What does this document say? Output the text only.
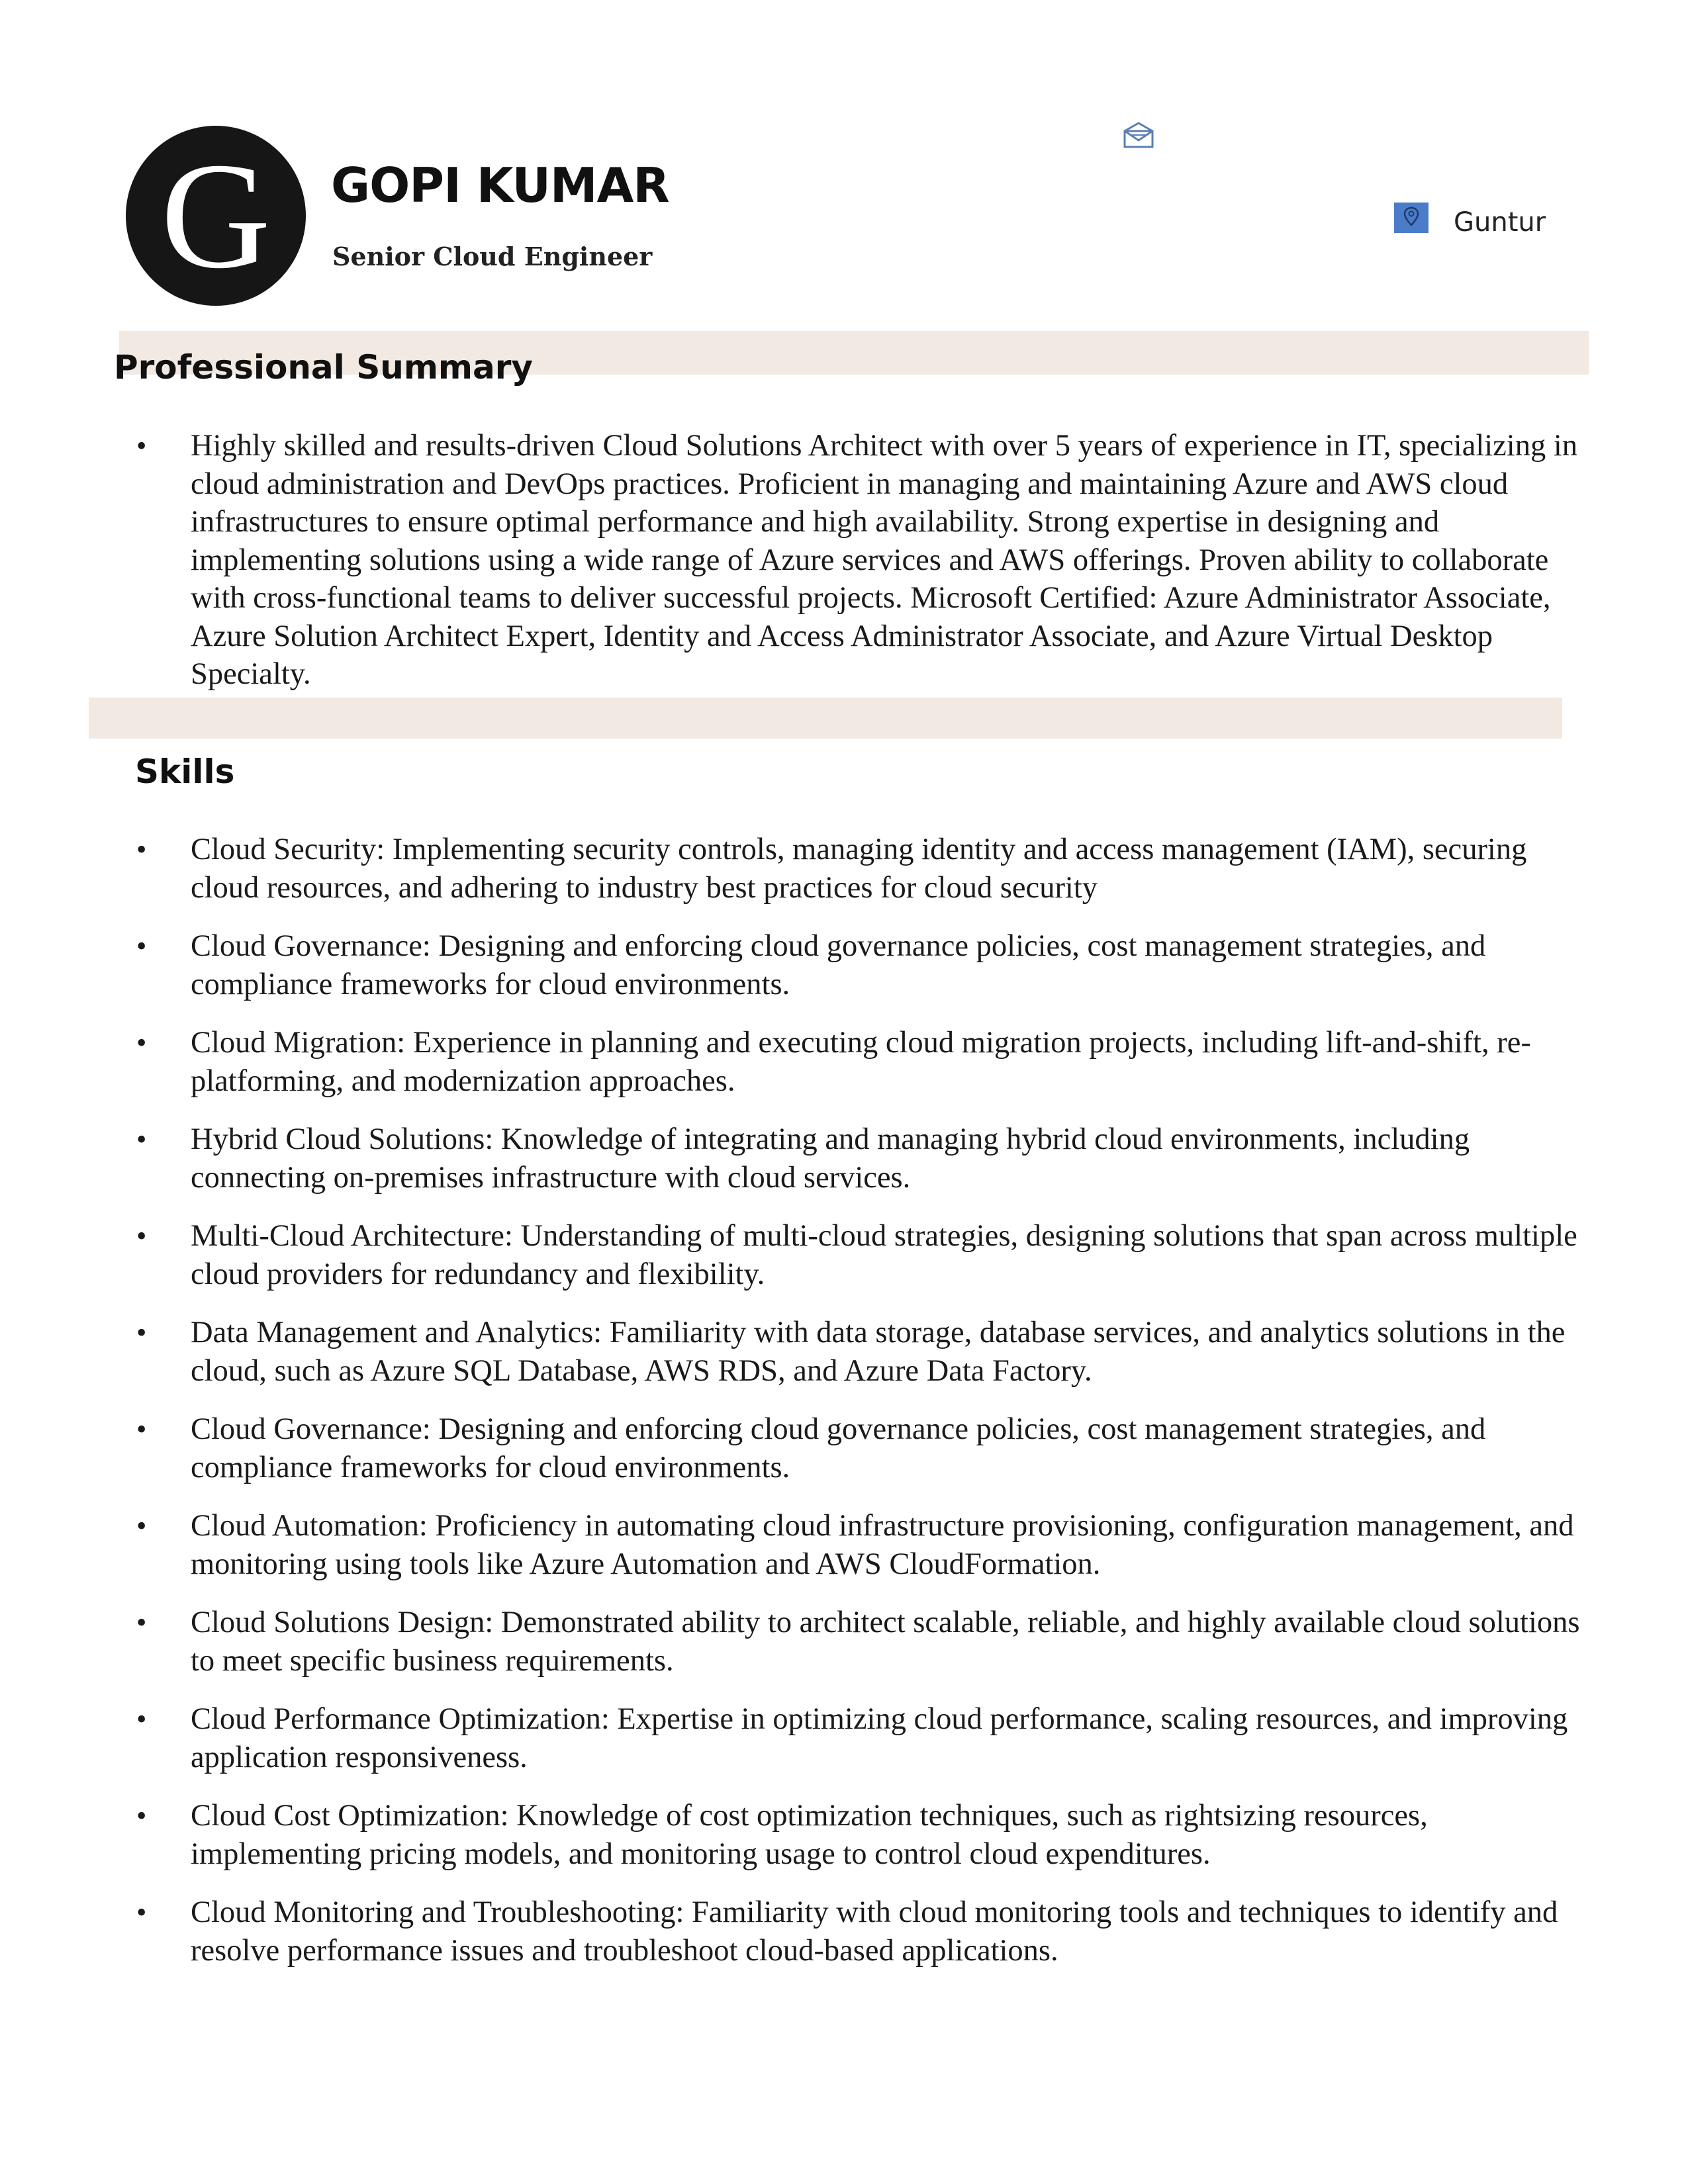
G	GOPI KUMAR
Senior Cloud Engineer
Guntur
Professional Summary
• Highly skilled and results-driven Cloud Solutions Architect with over 5 years of experience in IT, specializing in cloud administration and DevOps practices. Proficient in managing and maintaining Azure and AWS cloud infrastructures to ensure optimal performance and high availability. Strong expertise in designing and implementing solutions using a wide range of Azure services and AWS offerings. Proven ability to collaborate with cross-functional teams to deliver successful projects. Microsoft Certified: Azure Administrator Associate, Azure Solution Architect Expert, Identity and Access Administrator Associate, and Azure Virtual Desktop Specialty.
Skills
• Cloud Security: Implementing security controls, managing identity and access management (IAM), securing cloud resources, and adhering to industry best practices for cloud security
• Cloud Governance: Designing and enforcing cloud governance policies, cost management strategies, and compliance frameworks for cloud environments.
• Cloud Migration: Experience in planning and executing cloud migration projects, including lift-and-shift, re-platforming, and modernization approaches.
• Hybrid Cloud Solutions: Knowledge of integrating and managing hybrid cloud environments, including connecting on-premises infrastructure with cloud services.
• Multi-Cloud Architecture: Understanding of multi-cloud strategies, designing solutions that span across multiple cloud providers for redundancy and flexibility.
• Data Management and Analytics: Familiarity with data storage, database services, and analytics solutions in the cloud, such as Azure SQL Database, AWS RDS, and Azure Data Factory.
• Cloud Governance: Designing and enforcing cloud governance policies, cost management strategies, and compliance frameworks for cloud environments.
• Cloud Automation: Proficiency in automating cloud infrastructure provisioning, configuration management, and monitoring using tools like Azure Automation and AWS CloudFormation.
• Cloud Solutions Design: Demonstrated ability to architect scalable, reliable, and highly available cloud solutions to meet specific business requirements.
• Cloud Performance Optimization: Expertise in optimizing cloud performance, scaling resources, and improving application responsiveness.
• Cloud Cost Optimization: Knowledge of cost optimization techniques, such as rightsizing resources, implementing pricing models, and monitoring usage to control cloud expenditures.
• Cloud Monitoring and Troubleshooting: Familiarity with cloud monitoring tools and techniques to identify and resolve performance issues and troubleshoot cloud-based applications.
